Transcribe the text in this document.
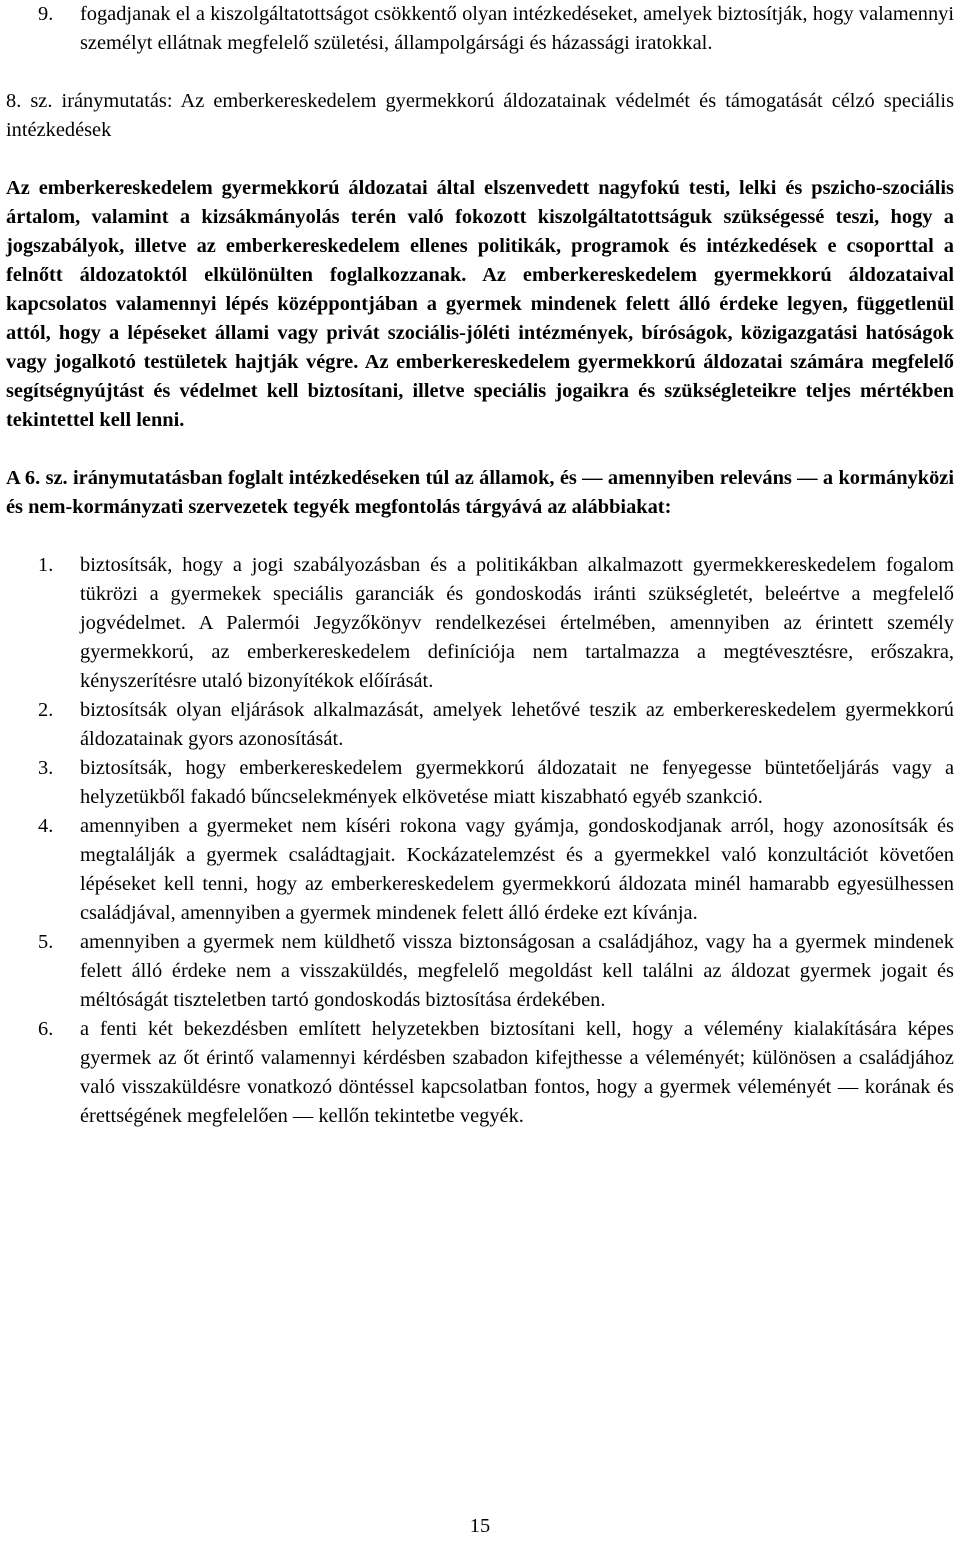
9. fogadjanak el a kiszolgáltatottságot csökkentő olyan intézkedéseket, amelyek biztosítják, hogy valamennyi személyt ellátnak megfelelő születési, állampolgársági és házassági iratokkal.

8. sz. iránymutatás: Az emberkereskedelem gyermekkorú áldozatainak védelmét és támogatását célzó speciális intézkedések

Az emberkereskedelem gyermekkorú áldozatai által elszenvedett nagyfokú testi, lelki és pszicho-szociális ártalom, valamint a kizsákmányolás terén való fokozott kiszolgáltatottságuk szükségessé teszi, hogy a jogszabályok, illetve az emberkereskedelem ellenes politikák, programok és intézkedések e csoporttal a felnőtt áldozatoktól elkülönülten foglalkozzanak. Az emberkereskedelem gyermekkorú áldozataival kapcsolatos valamennyi lépés középpontjában a gyermek mindenek felett álló érdeke legyen, függetlenül attól, hogy a lépéseket állami vagy privát szociális-jóléti intézmények, bíróságok, közigazgatási hatóságok vagy jogalkotó testületek hajtják végre. Az emberkereskedelem gyermekkorú áldozatai számára megfelelő segítségnyújtást és védelmet kell biztosítani, illetve speciális jogaikra és szükségleteikre teljes mértékben tekintettel kell lenni.

A 6. sz. iránymutatásban foglalt intézkedéseken túl az államok, és — amennyiben releváns — a kormányközi és nem-kormányzati szervezetek tegyék megfontolás tárgyává az alábbiakat:

1. biztosítsák, hogy a jogi szabályozásban és a politikákban alkalmazott gyermekkereskedelem fogalom tükrözi a gyermekek speciális garanciák és gondoskodás iránti szükségletét, beleértve a megfelelő jogvédelmet. A Palermói Jegyzőkönyv rendelkezései értelmében, amennyiben az érintett személy gyermekkorú, az emberkereskedelem definíciója nem tartalmazza a megtévesztésre, erőszakra, kényszerítésre utaló bizonyítékok előírását.
2. biztosítsák olyan eljárások alkalmazását, amelyek lehetővé teszik az emberkereskedelem gyermekkorú áldozatainak gyors azonosítását.
3. biztosítsák, hogy emberkereskedelem gyermekkorú áldozatait ne fenyegesse büntetőeljárás vagy a helyzetükből fakadó bűncselekmények elkövetése miatt kiszabható egyéb szankció.
4. amennyiben a gyermeket nem kíséri rokona vagy gyámja, gondoskodjanak arról, hogy azonosítsák és megtalálják a gyermek családtagjait. Kockázatelemzést és a gyermekkel való konzultációt követően lépéseket kell tenni, hogy az emberkereskedelem gyermekkorú áldozata minél hamarabb egyesülhessen családjával, amennyiben a gyermek mindenek felett álló érdeke ezt kívánja.
5. amennyiben a gyermek nem küldhető vissza biztonságosan a családjához, vagy ha a gyermek mindenek felett álló érdeke nem a visszaküldés, megfelelő megoldást kell találni az áldozat gyermek jogait és méltóságát tiszteletben tartó gondoskodás biztosítása érdekében.
6. a fenti két bekezdésben említett helyzetekben biztosítani kell, hogy a vélemény kialakítására képes gyermek az őt érintő valamennyi kérdésben szabadon kifejthesse a véleményét; különösen a családjához való visszaküldésre vonatkozó döntéssel kapcsolatban fontos, hogy a gyermek véleményét — korának és érettségének megfelelően — kellőn tekintetbe vegyék.
15
